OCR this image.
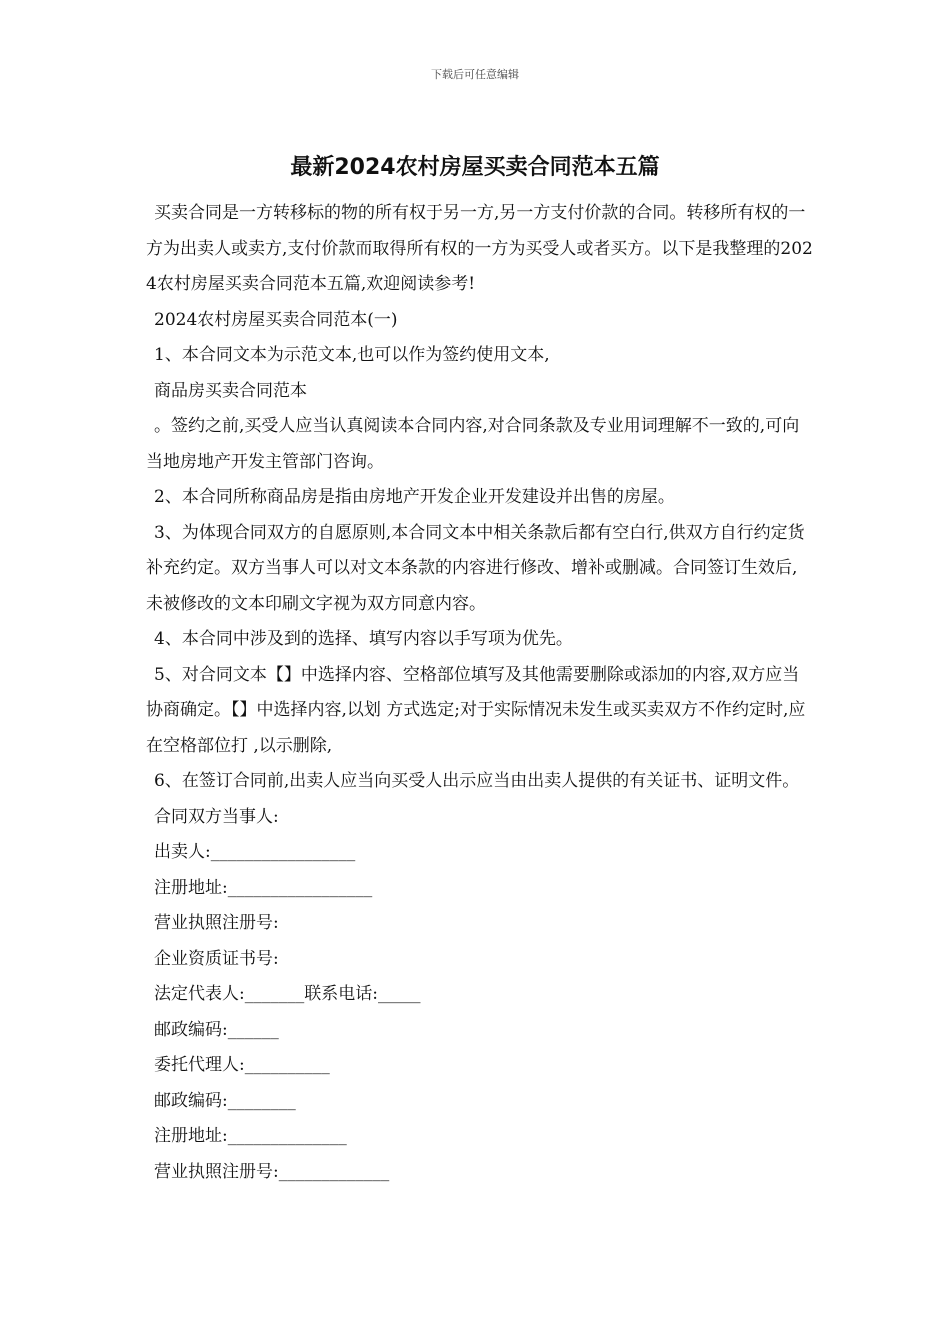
下载后可任意编辑
最新2024农村房屋买卖合同范本五篇

买卖合同是一方转移标的物的所有权于另一方,另一方支付价款的合同。转移所有权的一方为出卖人或卖方,支付价款而取得所有权的一方为买受人或者买方。以下是我整理的2024农村房屋买卖合同范本五篇,欢迎阅读参考!

2024农村房屋买卖合同范本(一)

1、本合同文本为示范文本,也可以作为签约使用文本,

商品房买卖合同范本

。签约之前,买受人应当认真阅读本合同内容,对合同条款及专业用词理解不一致的,可向当地房地产开发主管部门咨询。

2、本合同所称商品房是指由房地产开发企业开发建设并出售的房屋。

3、为体现合同双方的自愿原则,本合同文本中相关条款后都有空白行,供双方自行约定货补充约定。双方当事人可以对文本条款的内容进行修改、增补或删减。合同签订生效后,未被修改的文本印刷文字视为双方同意内容。

4、本合同中涉及到的选择、填写内容以手写项为优先。

5、对合同文本【】中选择内容、空格部位填写及其他需要删除或添加的内容,双方应当协商确定。【】中选择内容,以划 方式选定;对于实际情况未发生或买卖双方不作约定时,应在空格部位打 ,以示删除,

6、在签订合同前,出卖人应当向买受人出示应当由出卖人提供的有关证书、证明文件。

合同双方当事人:

出卖人:_________________

注册地址:_________________

营业执照注册号:

企业资质证书号:

法定代表人:_______联系电话:_____

邮政编码:______

委托代理人:__________

邮政编码:________

注册地址:______________

营业执照注册号:_____________
